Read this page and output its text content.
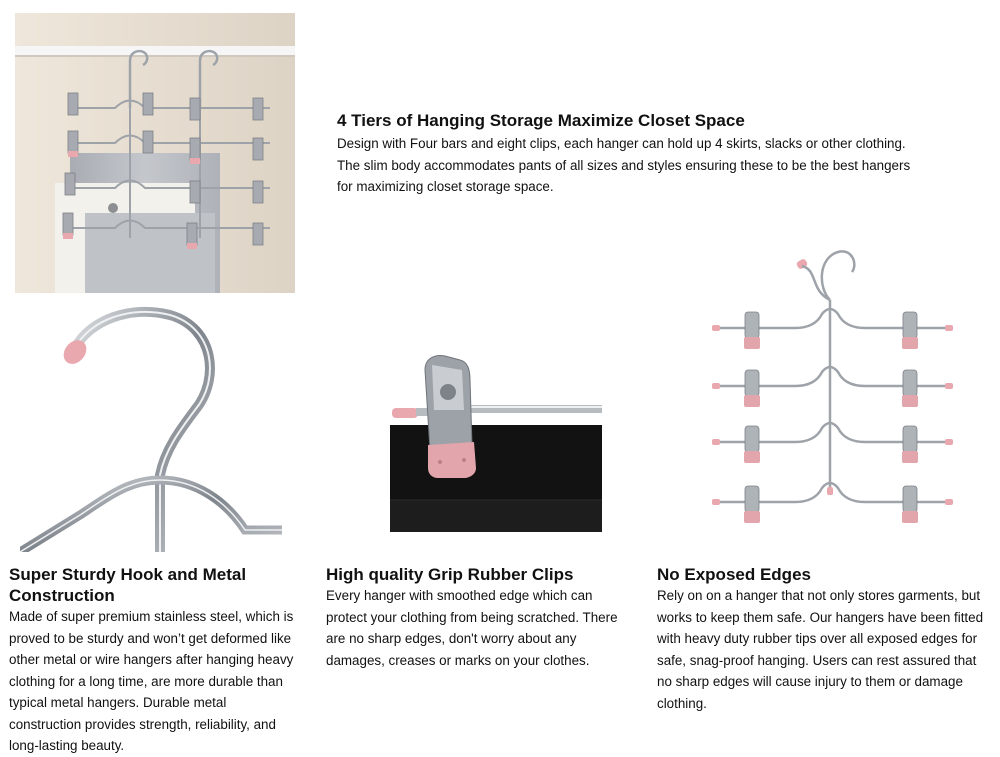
4 Tiers of Hanging Storage Maximize Closet Space

Design with Four bars and eight clips, each hanger can hold up 4 skirts, slacks or other clothing.

The slim body accommodates pants of all sizes and styles ensuring these to be the best hangers

for maximizing closet storage space.

Super Sturdy Hook and Metal

Construction

Made of super premium stainless steel, which is

proved to be sturdy and won’t get deformed like

other metal or wire hangers after hanging heavy

clothing for a long time, are more durable than

typical metal hangers. Durable metal

construction provides strength, reliability, and

long-lasting beauty.

High quality Grip Rubber Clips

Every hanger with smoothed edge which can

protect your clothing from being scratched. There

are no sharp edges, don't worry about any

damages, creases or marks on your clothes.

No Exposed Edges

Rely on on a hanger that not only stores garments, but

works to keep them safe. Our hangers have been fitted

with heavy duty rubber tips over all exposed edges for

safe, snag-proof hanging. Users can rest assured that

no sharp edges will cause injury to them or damage

clothing.
